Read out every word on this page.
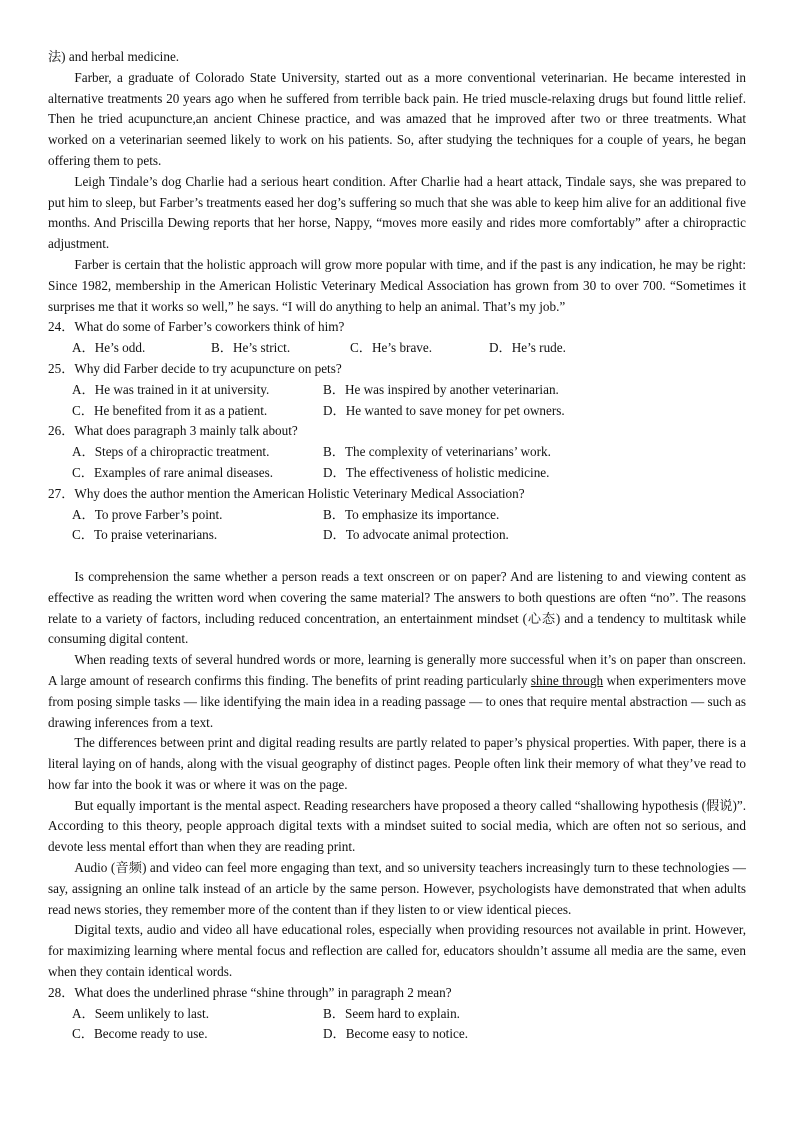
法) and herbal medicine.

Farber, a graduate of Colorado State University, started out as a more conventional veterinarian. He became interested in alternative treatments 20 years ago when he suffered from terrible back pain. He tried muscle-relaxing drugs but found little relief. Then he tried acupuncture,an ancient Chinese practice, and was amazed that he improved after two or three treatments. What worked on a veterinarian seemed likely to work on his patients. So, after studying the techniques for a couple of years, he began offering them to pets.

Leigh Tindale’s dog Charlie had a serious heart condition. After Charlie had a heart attack, Tindale says, she was prepared to put him to sleep, but Farber’s treatments eased her dog’s suffering so much that she was able to keep him alive for an additional five months. And Priscilla Dewing reports that her horse, Nappy, “moves more easily and rides more comfortably” after a chiropractic adjustment.

Farber is certain that the holistic approach will grow more popular with time, and if the past is any indication, he may be right: Since 1982, membership in the American Holistic Veterinary Medical Association has grown from 30 to over 700. “Sometimes it surprises me that it works so well,” he says. “I will do anything to help an animal. That’s my job.”

24．What do some of Farber’s coworkers think of him?

A．He’s odd.	B．He’s strict.	C．He’s brave.	D．He’s rude.

25．Why did Farber decide to try acupuncture on pets?

A．He was trained in it at university.	B．He was inspired by another veterinarian.
C．He benefited from it as a patient.	D．He wanted to save money for pet owners.

26．What does paragraph 3 mainly talk about?

A．Steps of a chiropractic treatment.	B．The complexity of veterinarians’ work.
C．Examples of rare animal diseases.	D．The effectiveness of holistic medicine.

27．Why does the author mention the American Holistic Veterinary Medical Association?

A．To prove Farber’s point.	B．To emphasize its importance.
C．To praise veterinarians.	D．To advocate animal protection.

Is comprehension the same whether a person reads a text onscreen or on paper? And are listening to and viewing content as effective as reading the written word when covering the same material? The answers to both questions are often “no”. The reasons relate to a variety of factors, including reduced concentration, an entertainment mindset (心态) and a tendency to multitask while consuming digital content.

When reading texts of several hundred words or more, learning is generally more successful when it’s on paper than onscreen. A large amount of research confirms this finding. The benefits of print reading particularly shine through when experimenters move from posing simple tasks — like identifying the main idea in a reading passage — to ones that require mental abstraction — such as drawing inferences from a text.

The differences between print and digital reading results are partly related to paper’s physical properties. With paper, there is a literal laying on of hands, along with the visual geography of distinct pages. People often link their memory of what they’ve read to how far into the book it was or where it was on the page.

But equally important is the mental aspect. Reading researchers have proposed a theory called “shallowing hypothesis (假说)”. According to this theory, people approach digital texts with a mindset suited to social media, which are often not so serious, and devote less mental effort than when they are reading print.

Audio (音频) and video can feel more engaging than text, and so university teachers increasingly turn to these technologies — say, assigning an online talk instead of an article by the same person. However, psychologists have demonstrated that when adults read news stories, they remember more of the content than if they listen to or view identical pieces.

Digital texts, audio and video all have educational roles, especially when providing resources not available in print. However, for maximizing learning where mental focus and reflection are called for, educators shouldn’t assume all media are the same, even when they contain identical words.

28．What does the underlined phrase “shine through” in paragraph 2 mean?

A．Seem unlikely to last.	B．Seem hard to explain.
C．Become ready to use.	D．Become easy to notice.
